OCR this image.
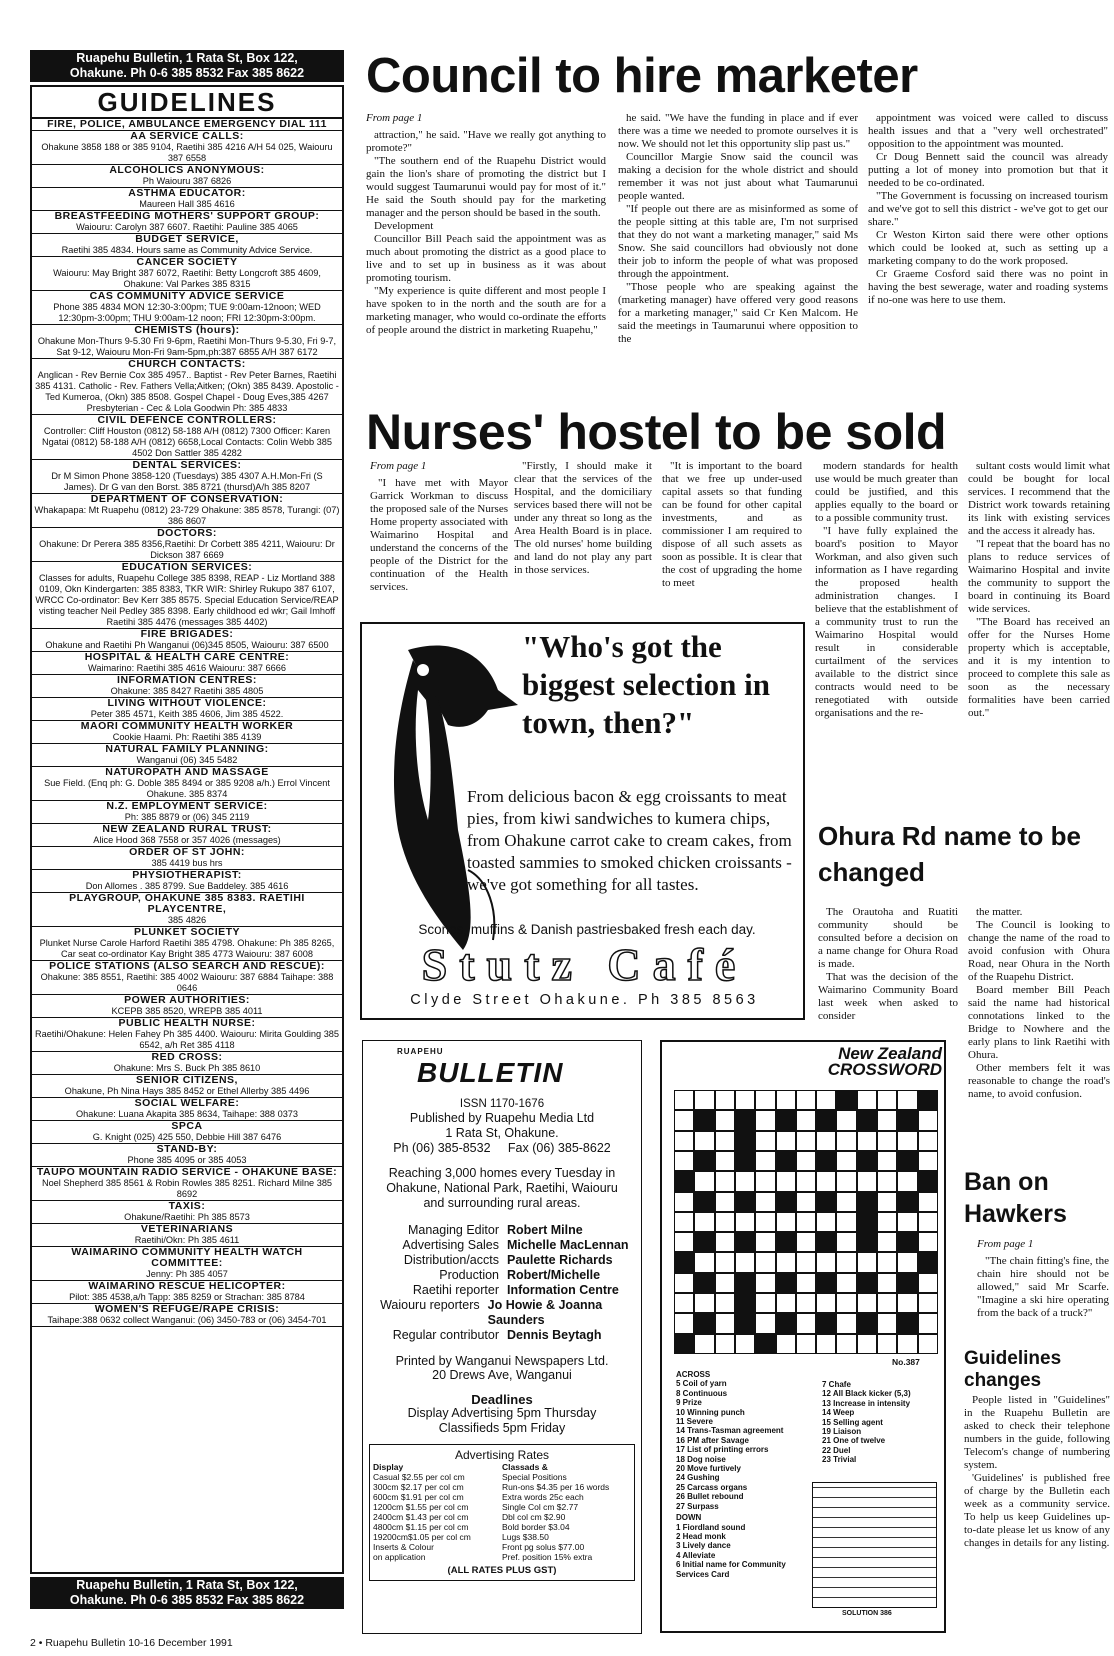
Ruapehu Bulletin, 1 Rata St, Box 122,
Ohakune. Ph 0-6 385 8532 Fax 385 8622
GUIDELINES
FIRE, POLICE, AMBULANCE EMERGENCY DIAL 111
AA SERVICE CALLS:
Ohakune 3858 188 or 385 9104, Raetihi 385 4216 A/H 54 025, Waiouru 387 6558
ALCOHOLICS ANONYMOUS:
Ph Waiouru 387 6826
ASTHMA EDUCATOR:
Maureen Hall 385 4616
BREASTFEEDING MOTHERS' SUPPORT GROUP:
Waiouru: Carolyn 387 6607. Raetihi: Pauline 385 4065
BUDGET SERVICE,
Raetihi 385 4834. Hours same as Community Advice Service.
CANCER SOCIETY
Waiouru: May Bright 387 6072, Raetihi: Betty Longcroft 385 4609, Ohakune: Val Parkes 385 8315
CAS COMMUNITY ADVICE SERVICE
Phone 385 4834 MON 12:30-3:00pm; TUE 9:00am-12noon; WED 12:30pm-3:00pm; THU 9:00am-12 noon; FRI 12:30pm-3:00pm.
CHEMISTS (hours):
Ohakune Mon-Thurs 9-5.30 Fri 9-6pm, Raetihi Mon-Thurs 9-5.30, Fri 9-7, Sat 9-12, Waiouru Mon-Fri 9am-5pm,ph:387 6855 A/H 387 6172
CHURCH CONTACTS:
Anglican - Rev Bernie Cox 385 4957.. Baptist - Rev Peter Barnes, Raetihi 385 4131. Catholic - Rev. Fathers Vella;Aitken; (Okn) 385 8439. Apostolic - Ted Kumeroa, (Okn) 385 8508. Gospel Chapel - Doug Eves,385 4267 Presbyterian - Cec & Lola Goodwin Ph: 385 4833
CIVIL DEFENCE CONTROLLERS:
Controller: Cliff Houston (0812) 58-188 A/H (0812) 7300 Officer: Karen Ngatai (0812) 58-188 A/H (0812) 6658,Local Contacts: Colin Webb 385 4502 Don Sattler 385 4282
DENTAL SERVICES:
Dr M Simon Phone 3858-120 (Tuesdays) 385 4307 A.H.Mon-Fri (S James). Dr G van den Borst. 385 8721 (thursd)A/h 385 8207
DEPARTMENT OF CONSERVATION:
Whakapapa: Mt Ruapehu (0812) 23-729 Ohakune: 385 8578, Turangi: (07) 386 8607
DOCTORS:
Ohakune: Dr Perera 385 8356,Raetihi: Dr Corbett 385 4211, Waiouru: Dr Dickson 387 6669
EDUCATION SERVICES:
Classes for adults, Ruapehu College 385 8398, REAP - Liz Mortland 388 0109, Okn Kindergarten: 385 8383, TKR WIR: Shirley Rukupo 387 6107, WRCC Co-ordinator: Bev Kerr 385 8575. Special Education Service/REAP visting teacher Neil Pedley 385 8398. Early childhood ed wkr; Gail Imhoff Raetihi 385 4476 (messages 385 4402)
FIRE BRIGADES:
Ohakune and Raetihi Ph Wanganui (06)345 8505, Waiouru: 387 6500
HOSPITAL & HEALTH CARE CENTRE:
Waimarino: Raetihi 385 4616 Waiouru: 387 6666
INFORMATION CENTRES:
Ohakune: 385 8427 Raetihi 385 4805
LIVING WITHOUT VIOLENCE:
Peter 385 4571, Keith 385 4606, Jim 385 4522.
MAORI COMMUNITY HEALTH WORKER
Cookie Haami. Ph: Raetihi 385 4139
NATURAL FAMILY PLANNING:
Wanganui (06) 345 5482
NATUROPATH AND MASSAGE
Sue Field. (Enq ph: G. Doble 385 8494 or 385 9208 a/h.) Errol Vincent Ohakune. 385 8374
N.Z. EMPLOYMENT SERVICE:
Ph: 385 8879 or (06) 345 2119
NEW ZEALAND RURAL TRUST:
Alice Hood 368 7558 or 357 4026 (messages)
ORDER OF ST JOHN:
385 4419 bus hrs
PHYSIOTHERAPIST:
Don Allomes . 385 8799. Sue Baddeley. 385 4616
PLAYGROUP, OHAKUNE 385 8383. RAETIHI PLAYCENTRE,
385 4826
PLUNKET SOCIETY
Plunket Nurse Carole Harford Raetihi 385 4798. Ohakune: Ph 385 8265, Car seat co-ordinator Kay Bright 385 4773 Waiouru: 387 6008
POLICE STATIONS (ALSO SEARCH AND RESCUE):
Ohakune: 385 8551, Raetihi: 385 4002 Waiouru: 387 6884 Taihape: 388 0646
POWER AUTHORITIES:
KCEPB 385 8520, WREPB 385 4011
PUBLIC HEALTH NURSE:
Raetihi/Ohakune: Helen Fahey Ph 385 4400. Waiouru: Mirita Goulding 385 6542, a/h Ret 385 4118
RED CROSS:
Ohakune: Mrs S. Buck Ph 385 8610
SENIOR CITIZENS,
Ohakune, Ph Nina Hays 385 8452 or Ethel Allerby 385 4496
SOCIAL WELFARE:
Ohakune: Luana Akapita 385 8634, Taihape: 388 0373
SPCA
G. Knight (025) 425 550, Debbie Hill 387 6476
STAND-BY:
Phone 385 4095 or 385 4053
TAUPO MOUNTAIN RADIO SERVICE - OHAKUNE BASE:
Noel Shepherd 385 8561 & Robin Rowles 385 8251. Richard Milne 385 8692
TAXIS:
Ohakune/Raetihi: Ph 385 8573
VETERINARIANS
Raetihi/Okn: Ph 385 4611
WAIMARINO COMMUNITY HEALTH WATCH COMMITTEE:
Jenny: Ph 385 4057
WAIMARINO RESCUE HELICOPTER:
Pilot: 385 4538,a/h Tapp: 385 8259 or Strachan: 385 8784
WOMEN'S REFUGE/RAPE CRISIS:
Taihape:388 0632 collect Wanganui: (06) 3450-783 or (06) 3454-701
Ruapehu Bulletin, 1 Rata St, Box 122,
Ohakune. Ph 0-6 385 8532 Fax 385 8622
2 • Ruapehu Bulletin 10-16 December 1991
Council to hire marketer

From page 1

attraction," he said. "Have we really got anything to promote?"

"The southern end of the Ruapehu District would gain the lion's share of promoting the district but I would suggest Taumarunui would pay for most of it." He said the South should pay for the marketing manager and the person should be based in the south.

Development

Councillor Bill Peach said the appointment was as much about promoting the district as a good place to live and to set up in business as it was about promoting tourism.

"My experience is quite different and most people I have spoken to in the north and the south are for a marketing manager, who would co-ordinate the efforts of people around the district in marketing Ruapehu,"

he said. "We have the funding in place and if ever there was a time we needed to promote ourselves it is now. We should not let this opportunity slip past us."

Councillor Margie Snow said the council was making a decision for the whole district and should remember it was not just about what Taumarunui people wanted.

"If people out there are as misinformed as some of the people sitting at this table are, I'm not surprised that they do not want a marketing manager," said Ms Snow. She said councillors had obviously not done their job to inform the people of what was proposed through the appointment.

"Those people who are speaking against the (marketing manager) have offered very good reasons for a marketing manager," said Cr Ken Malcom. He said the meetings in Taumarunui where opposition to the

appointment was voiced were called to discuss health issues and that a "very well orchestrated" opposition to the appointment was mounted.

Cr Doug Bennett said the council was already putting a lot of money into promotion but that it needed to be co-ordinated.

"The Government is focussing on increased tourism and we've got to sell this district - we've got to get our share."

Cr Weston Kirton said there were other options which could be looked at, such as setting up a marketing company to do the work proposed.

Cr Graeme Cosford said there was no point in having the best sewerage, water and roading systems if no-one was here to use them.

Nurses' hostel to be sold

From page 1

"I have met with Mayor Garrick Workman to discuss the proposed sale of the Nurses Home property associated with Waimarino Hospital and understand the concerns of the people of the District for the continuation of the Health services.

"Firstly, I should make it clear that the services of the Hospital, and the domiciliary services based there will not be under any threat so long as the Area Health Board is in place. The old nurses' home building and land do not play any part in those services.

"It is important to the board that we free up under-used capital assets so that funding can be found for other capital investments, and as commissioner I am required to dispose of all such assets as soon as possible. It is clear that the cost of upgrading the home to meet

modern standards for health use would be much greater than could be justified, and this applies equally to the board or to a possible community trust.

"I have fully explained the board's position to Mayor Workman, and also given such information as I have regarding the proposed health administration changes. I believe that the establishment of a community trust to run the Waimarino Hospital would result in considerable curtailment of the services available to the district since contracts would need to be renegotiated with outside organisations and the re-

sultant costs would limit what could be bought for local services. I recommend that the District work towards retaining its link with existing services and the access it already has.

"I repeat that the board has no plans to reduce services of Waimarino Hospital and invite the community to support the board in continuing its Board wide services.

"The Board has received an offer for the Nurses Home property which is acceptable, and it is my intention to proceed to complete this sale as soon as the necessary formalities have been carried out."

"Who's got the biggest selection in town, then?"
From delicious bacon & egg croissants to meat pies, from kiwi sandwiches to kumera chips, from Ohakune carrot cake to cream cakes, from toasted sammies to smoked chicken croissants - we've got something for all tastes.
Scones, muffins & Danish pastriesbaked fresh each day.
Stutz Café
Clyde Street Ohakune. Ph 385 8563
Ohura Rd name to be changed

The Orautoha and Ruatiti community should be consulted before a decision on a name change for Ohura Road is made.

That was the decision of the Waimarino Community Board last week when asked to consider

the matter.

The Council is looking to change the name of the road to avoid confusion with Ohura Road, near Ohura in the North of the Ruapehu District.

Board member Bill Peach said the name had historical connotations linked to the Bridge to Nowhere and the early plans to link Raetihi with Ohura.

Other members felt it was reasonable to change the road's name, to avoid confusion.

RUAPEHU
BULLETIN
ISSN 1170-1676
Published by Ruapehu Media Ltd
1 Rata St, Ohakune.
Ph (06) 385-8532     Fax (06) 385-8622
Reaching 3,000 homes every Tuesday in Ohakune, National Park, Raetihi, Waiouru and surrounding rural areas.
Managing Editor Robert Milne
Advertising Sales Michelle MacLennan
Distribution/accts Paulette Richards
Production Robert/Michelle
Raetihi reporter Information Centre
Waiouru reporters Jo Howie & Joanna Saunders
Regular contributor Dennis Beytagh
Printed by Wanganui Newspapers Ltd.
20 Drews Ave, Wanganui
Deadlines
Display Advertising 5pm Thursday
Classifieds 5pm Friday
Advertising Rates
Display
Casual $2.55 per col cm
300cm $2.17 per col cm
600cm $1.91 per col cm
1200cm $1.55 per col cm
2400cm $1.43 per col cm
4800cm $1.15 per col cm
19200cm$1.05 per col cm
Inserts & Colour
on application
Classads &
Special Positions
Run-ons $4.35 per 16 words
Extra words 25c each
Single Col cm $2.77
Dbl col cm $2.90
Bold border $3.04
Lugs $38.50
Front pg solus $77.00
Pref. position 15% extra
(ALL RATES PLUS GST)
New Zealand CROSSWORD
No.387
ACROSS
5 Coil of yarn
8 Continuous
9 Prize
10 Winning punch
11 Severe
14 Trans-Tasman agreement
16 PM after Savage
17 List of printing errors
18 Dog noise
20 Move furtively
24 Gushing
25 Carcass organs
26 Bullet rebound
27 Surpass
DOWN
1 Fiordland sound
2 Head monk
3 Lively dance
4 Alleviate
6 Initial name for Community Services Card
7 Chafe
12 All Black kicker (5,3)
13 Increase in intensity
14 Weep
15 Selling agent
19 Liaison
21 One of twelve
22 Duel
23 Trivial
SOLUTION 386
Ban on Hawkers

From page 1

"The chain fitting's fine, the chain hire should not be allowed," said Mr Scarfe. "Imagine a ski hire operating from the back of a truck?"

Guidelines changes

People listed in "Guidelines" in the Ruapehu Bulletin are asked to check their telephone numbers in the guide, following Telecom's change of numbering system.

'Guidelines' is published free of charge by the Bulletin each week as a community service. To help us keep Guidelines up-to-date please let us know of any changes in details for any listing.
